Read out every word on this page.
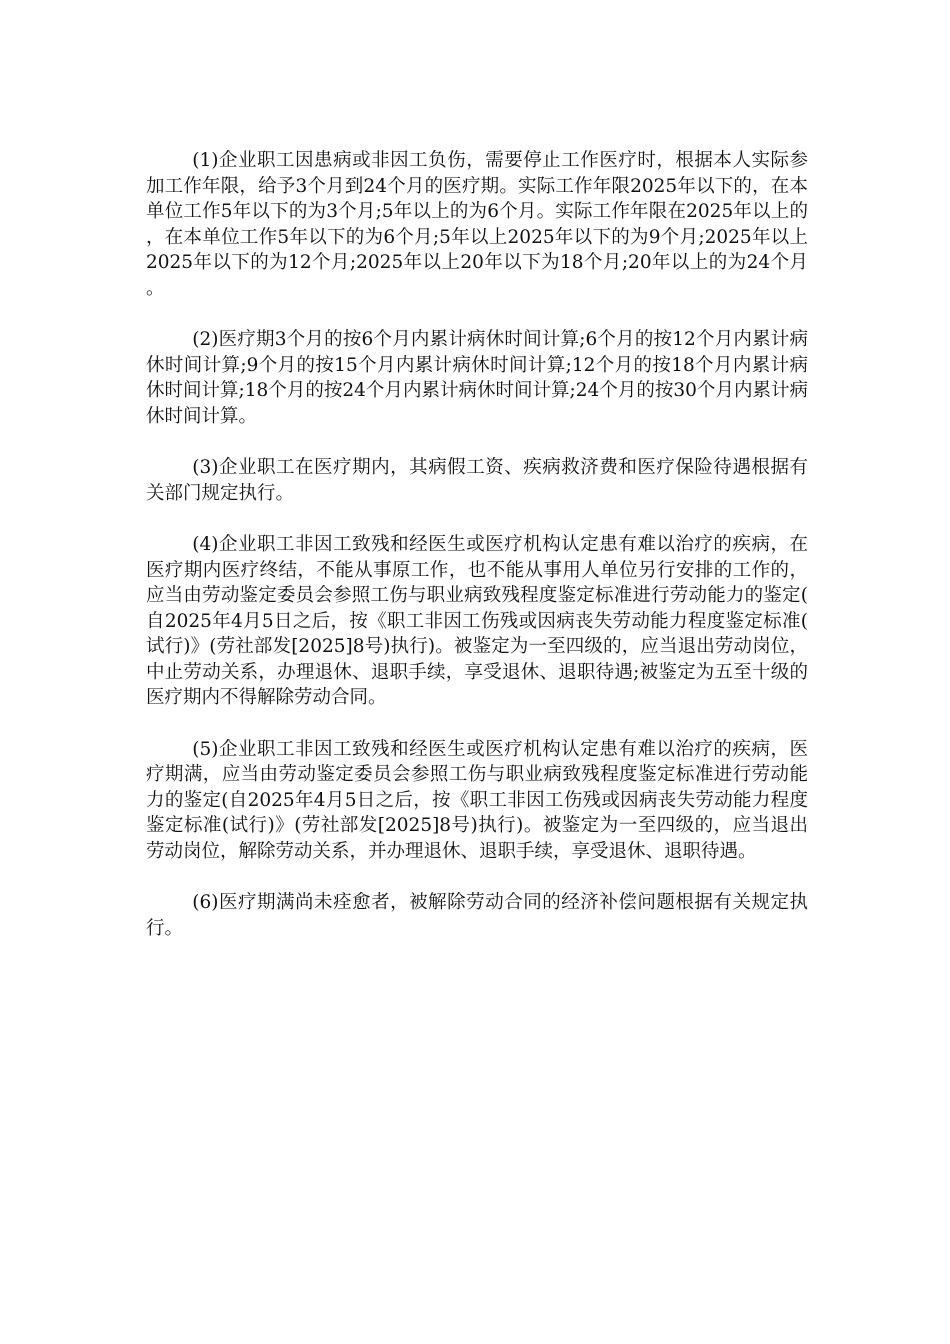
(1)企业职工因患病或非因工负伤，需要停止工作医疗时，根据本人实际参加工作年限，给予3个月到24个月的医疗期。实际工作年限2025年以下的，在本单位工作5年以下的为3个月;5年以上的为6个月。实际工作年限在2025年以上的，在本单位工作5年以下的为6个月;5年以上2025年以下的为9个月;2025年以上2025年以下的为12个月;2025年以上20年以下为18个月;20年以上的为24个月。

(2)医疗期3个月的按6个月内累计病休时间计算;6个月的按12个月内累计病休时间计算;9个月的按15个月内累计病休时间计算;12个月的按18个月内累计病休时间计算;18个月的按24个月内累计病休时间计算;24个月的按30个月内累计病休时间计算。

(3)企业职工在医疗期内，其病假工资、疾病救济费和医疗保险待遇根据有关部门规定执行。

(4)企业职工非因工致残和经医生或医疗机构认定患有难以治疗的疾病，在医疗期内医疗终结，不能从事原工作，也不能从事用人单位另行安排的工作的，应当由劳动鉴定委员会参照工伤与职业病致残程度鉴定标准进行劳动能力的鉴定(自2025年4月5日之后，按《职工非因工伤残或因病丧失劳动能力程度鉴定标准(试行)》(劳社部发[2025]8号)执行)。被鉴定为一至四级的，应当退出劳动岗位，中止劳动关系，办理退休、退职手续，享受退休、退职待遇;被鉴定为五至十级的医疗期内不得解除劳动合同。

(5)企业职工非因工致残和经医生或医疗机构认定患有难以治疗的疾病，医疗期满，应当由劳动鉴定委员会参照工伤与职业病致残程度鉴定标准进行劳动能力的鉴定(自2025年4月5日之后，按《职工非因工伤残或因病丧失劳动能力程度鉴定标准(试行)》(劳社部发[2025]8号)执行)。被鉴定为一至四级的，应当退出劳动岗位，解除劳动关系，并办理退休、退职手续，享受退休、退职待遇。

(6)医疗期满尚未痊愈者，被解除劳动合同的经济补偿问题根据有关规定执行。
